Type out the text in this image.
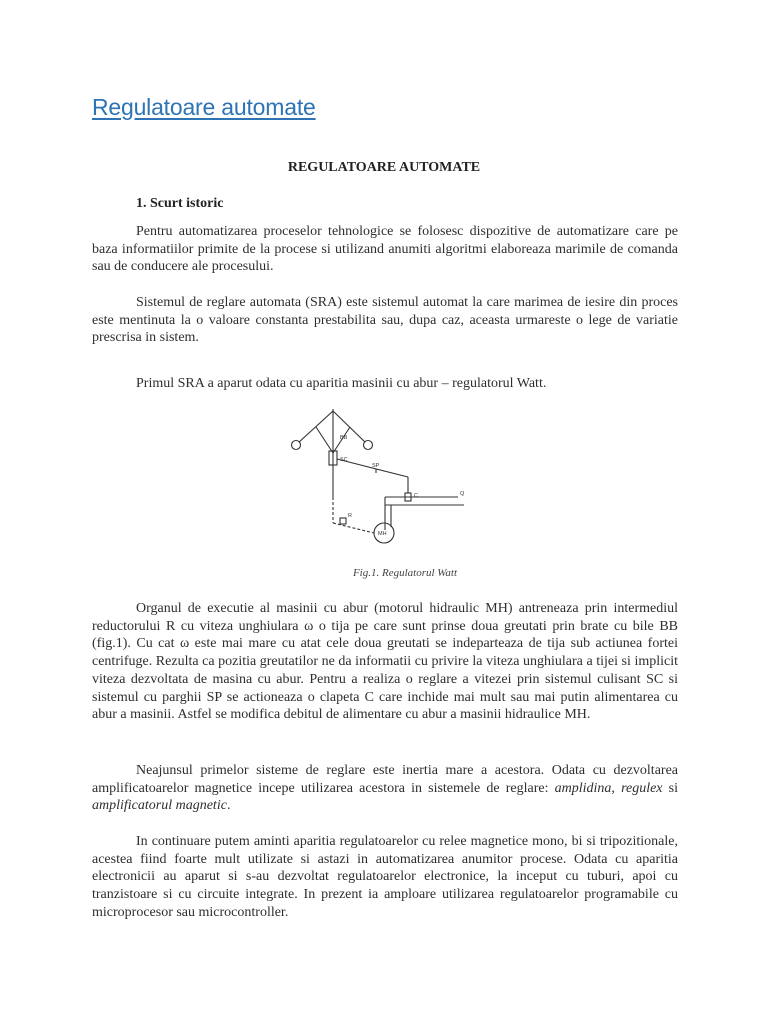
Regulatoare automate
REGULATOARE AUTOMATE
1. Scurt istoric

Pentru automatizarea proceselor tehnologice se folosesc dispozitive de automatizare care pe baza informatiilor primite de la procese si utilizand anumiti algoritmi elaboreaza marimile de comanda sau de conducere ale procesului.

Sistemul de reglare automata (SRA) este sistemul automat la care marimea de iesire din proces este mentinuta la o valoare constanta prestabilita sau, dupa caz, aceasta urmareste o lege de variatie prescrisa in sistem.

Primul SRA a aparut odata cu aparitia masinii cu abur – regulatorul Watt.

BB
SC
SP
C	Q
R
MH
Fig.1. Regulatorul Watt

Organul de executie al masinii cu abur (motorul hidraulic MH) antreneaza prin intermediul reductorului R cu viteza unghiulara ω o tija pe care sunt prinse doua greutati prin brate cu bile BB (fig.1). Cu cat ω este mai mare cu atat cele doua greutati se indeparteaza de tija sub actiunea fortei centrifuge. Rezulta ca pozitia greutatilor ne da informatii cu privire la viteza unghiulara a tijei si implicit viteza dezvoltata de masina cu abur. Pentru a realiza o reglare a vitezei prin sistemul culisant SC si sistemul cu parghii SP se actioneaza o clapeta C care inchide mai mult sau mai putin alimentarea cu abur a masinii. Astfel se modifica debitul de alimentare cu abur a masinii hidraulice MH.

Neajunsul primelor sisteme de reglare este inertia mare a acestora. Odata cu dezvoltarea amplificatoarelor magnetice incepe utilizarea acestora in sistemele de reglare: amplidina, regulex si amplificatorul magnetic.

In continuare putem aminti aparitia regulatoarelor cu relee magnetice mono, bi si tripozitionale, acestea fiind foarte mult utilizate si astazi in automatizarea anumitor procese. Odata cu aparitia electronicii au aparut si s-au dezvoltat regulatoarelor electronice, la inceput cu tuburi, apoi cu tranzistoare si cu circuite integrate. In prezent ia amploare utilizarea regulatoarelor programabile cu microprocesor sau microcontroller.
